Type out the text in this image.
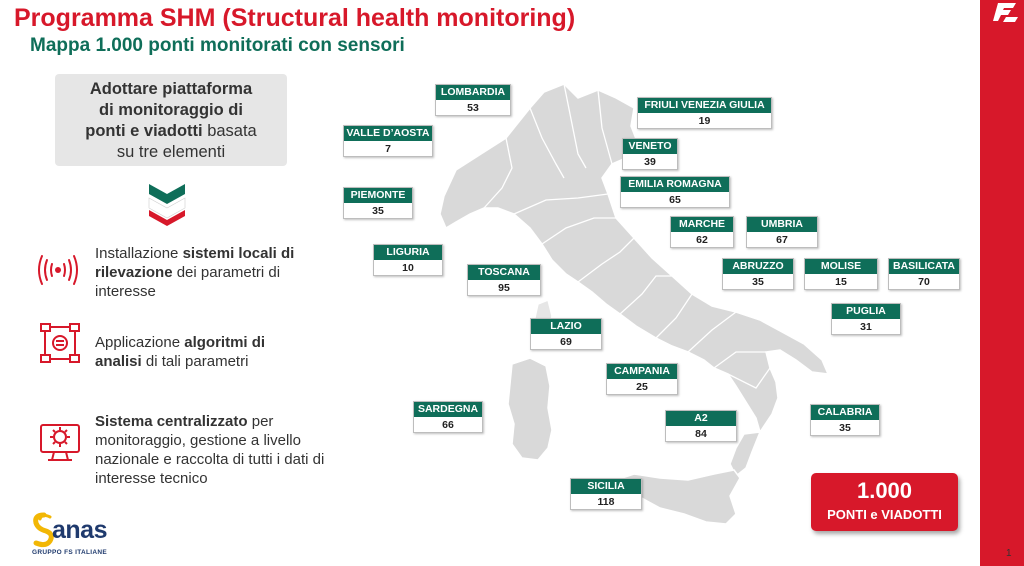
Programma SHM (Structural health monitoring)
Mappa 1.000 ponti monitorati con sensori
1
Adottare piattaforma
di monitoraggio di
ponti e viadotti basata
su tre elementi
Installazione sistemi locali di rilevazione dei parametri di interesse
Applicazione algoritmi di analisi di tali parametri
Sistema centralizzato per monitoraggio, gestione a livello nazionale e raccolta di tutti i dati di interesse tecnico
anas
GRUPPO FS ITALIANE
LOMBARDIA
53	FRIULI VENEZIA GIULIA
19
VALLE D’AOSTA
7	VENETO
39
PIEMONTE
35
EMILIA ROMAGNA
65
MARCHE
62
UMBRIA
67
LIGURIA
10	TOSCANA
95
ABRUZZO
35
MOLISE
15
BASILICATA
70
PUGLIA
31
LAZIO
69
CAMPANIA
25
SARDEGNA
66
A2
84
CALABRIA
35
SICILIA
118	1.000
PONTI e VIADOTTI
